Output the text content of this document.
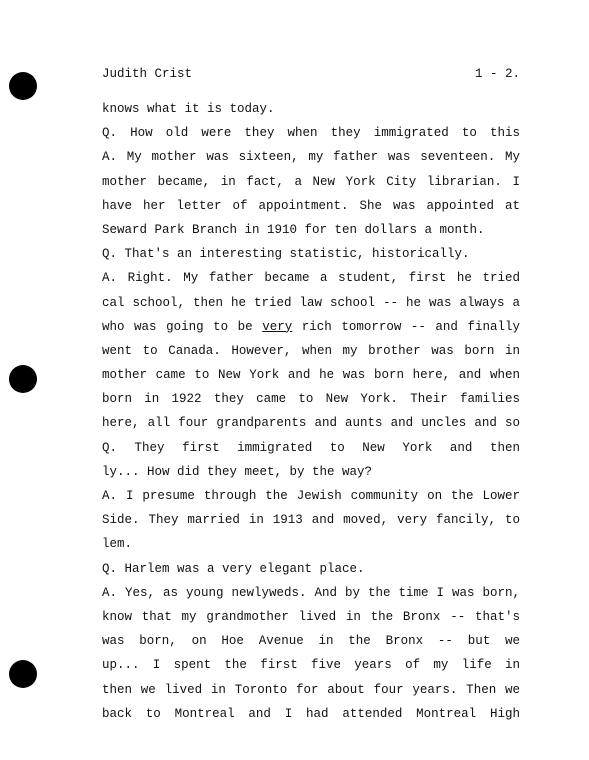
Judith Crist	1 - 2.
knows what it is today.
Q. How old were they when they immigrated to this
A. My mother was sixteen, my father was seventeen. My
mother became, in fact, a New York City librarian. I
have her letter of appointment. She was appointed at
Seward Park Branch in 1910 for ten dollars a month.
Q. That's an interesting statistic, historically.
A. Right. My father became a student, first he tried
cal school, then he tried law school -- he was always a
who was going to be very rich tomorrow -- and finally
went to Canada. However, when my brother was born in
mother came to New York and he was born here, and when
born in 1922 they came to New York. Their families
here, all four grandparents and aunts and uncles and so
Q. They first immigrated to New York and then
ly... How did they meet, by the way?
A. I presume through the Jewish community on the Lower
Side. They married in 1913 and moved, very fancily, to
lem.
Q. Harlem was a very elegant place.
A. Yes, as young newlyweds. And by the time I was born,
know that my grandmother lived in the Bronx -- that's
was born, on Hoe Avenue in the Bronx -- but we
up... I spent the first five years of my life in
then we lived in Toronto for about four years. Then we
back to Montreal and I had attended Montreal High
